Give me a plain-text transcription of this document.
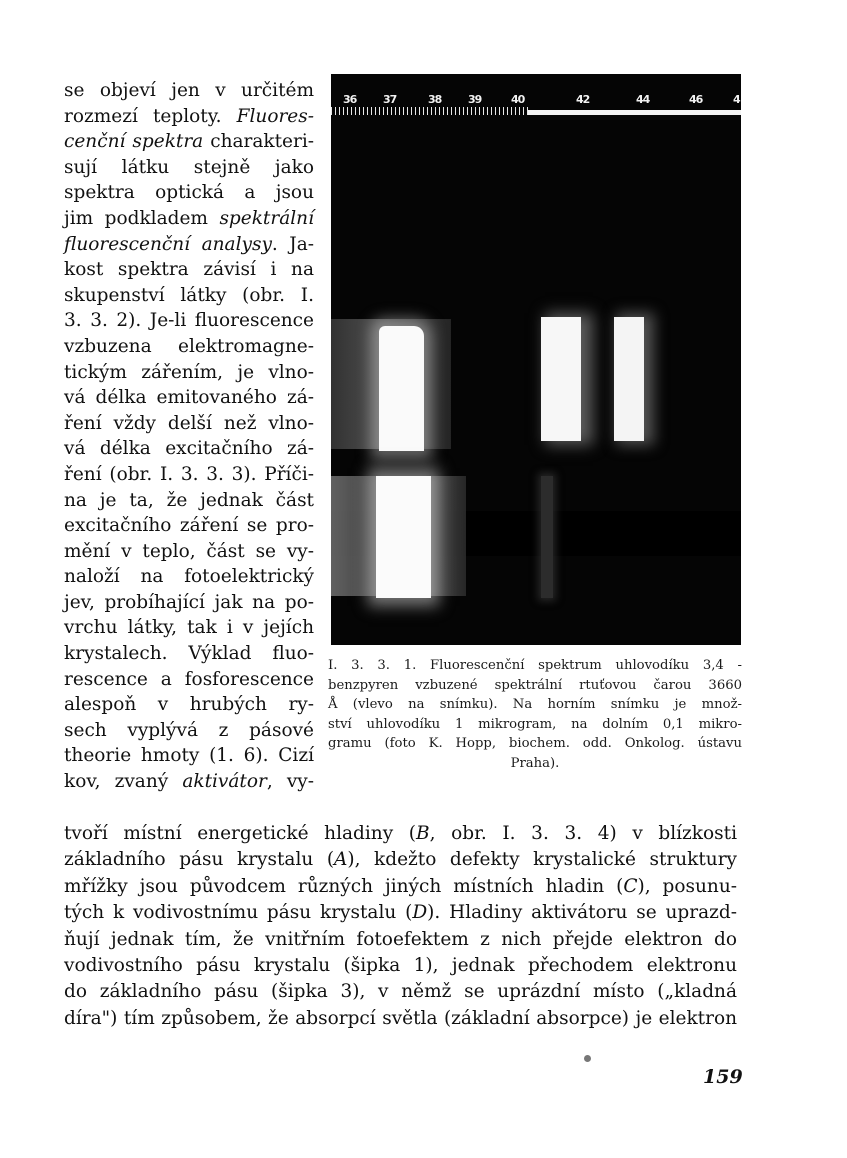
se objeví jen v určitém
rozmezí teploty. Fluores-
cenční spektra charakteri-
sují látku stejně jako
spektra optická a jsou
jim podkladem spektrální
fluorescenční analysy. Ja-
kost spektra závisí i na
skupenství látky (obr. I.
3. 3. 2). Je-li fluorescence
vzbuzena elektromagne-
tickým zářením, je vlno-
vá délka emitovaného zá-
ření vždy delší než vlno-
vá délka excitačního zá-
ření (obr. I. 3. 3. 3). Příči-
na je ta, že jednak část
excitačního záření se pro-
mění v teplo, část se vy-
naloží na fotoelektrický
jev, probíhající jak na po-
vrchu látky, tak i v jejích
krystalech. Výklad fluo-
rescence a fosforescence
alespoň v hrubých ry-
sech vyplývá z pásové
theorie hmoty (1. 6). Cizí
kov, zvaný aktivátor, vy-
36 37	38 39	40	42	44	46	4
I. 3. 3. 1. Fluorescenční spektrum uhlovodíku 3,4 -
benzpyren vzbuzené spektrální rtuťovou čarou 3660
Å (vlevo na snímku). Na horním snímku je množ-
ství uhlovodíku 1 mikrogram, na dolním 0,1 mikro-
gramu (foto K. Hopp, biochem. odd. Onkolog. ústavu
Praha).
tvoří místní energetické hladiny (B, obr. I. 3. 3. 4) v blízkosti
základního pásu krystalu (A), kdežto defekty krystalické struktury
mřížky jsou původcem různých jiných místních hladin (C), posunu-
tých k vodivostnímu pásu krystalu (D). Hladiny aktivátoru se uprazd-
ňují jednak tím, že vnitřním fotoefektem z nich přejde elektron do
vodivostního pásu krystalu (šipka 1), jednak přechodem elektronu
do základního pásu (šipka 3), v němž se uprázdní místo („kladná
díra") tím způsobem, že absorpcí světla (základní absorpce) je elektron
159
